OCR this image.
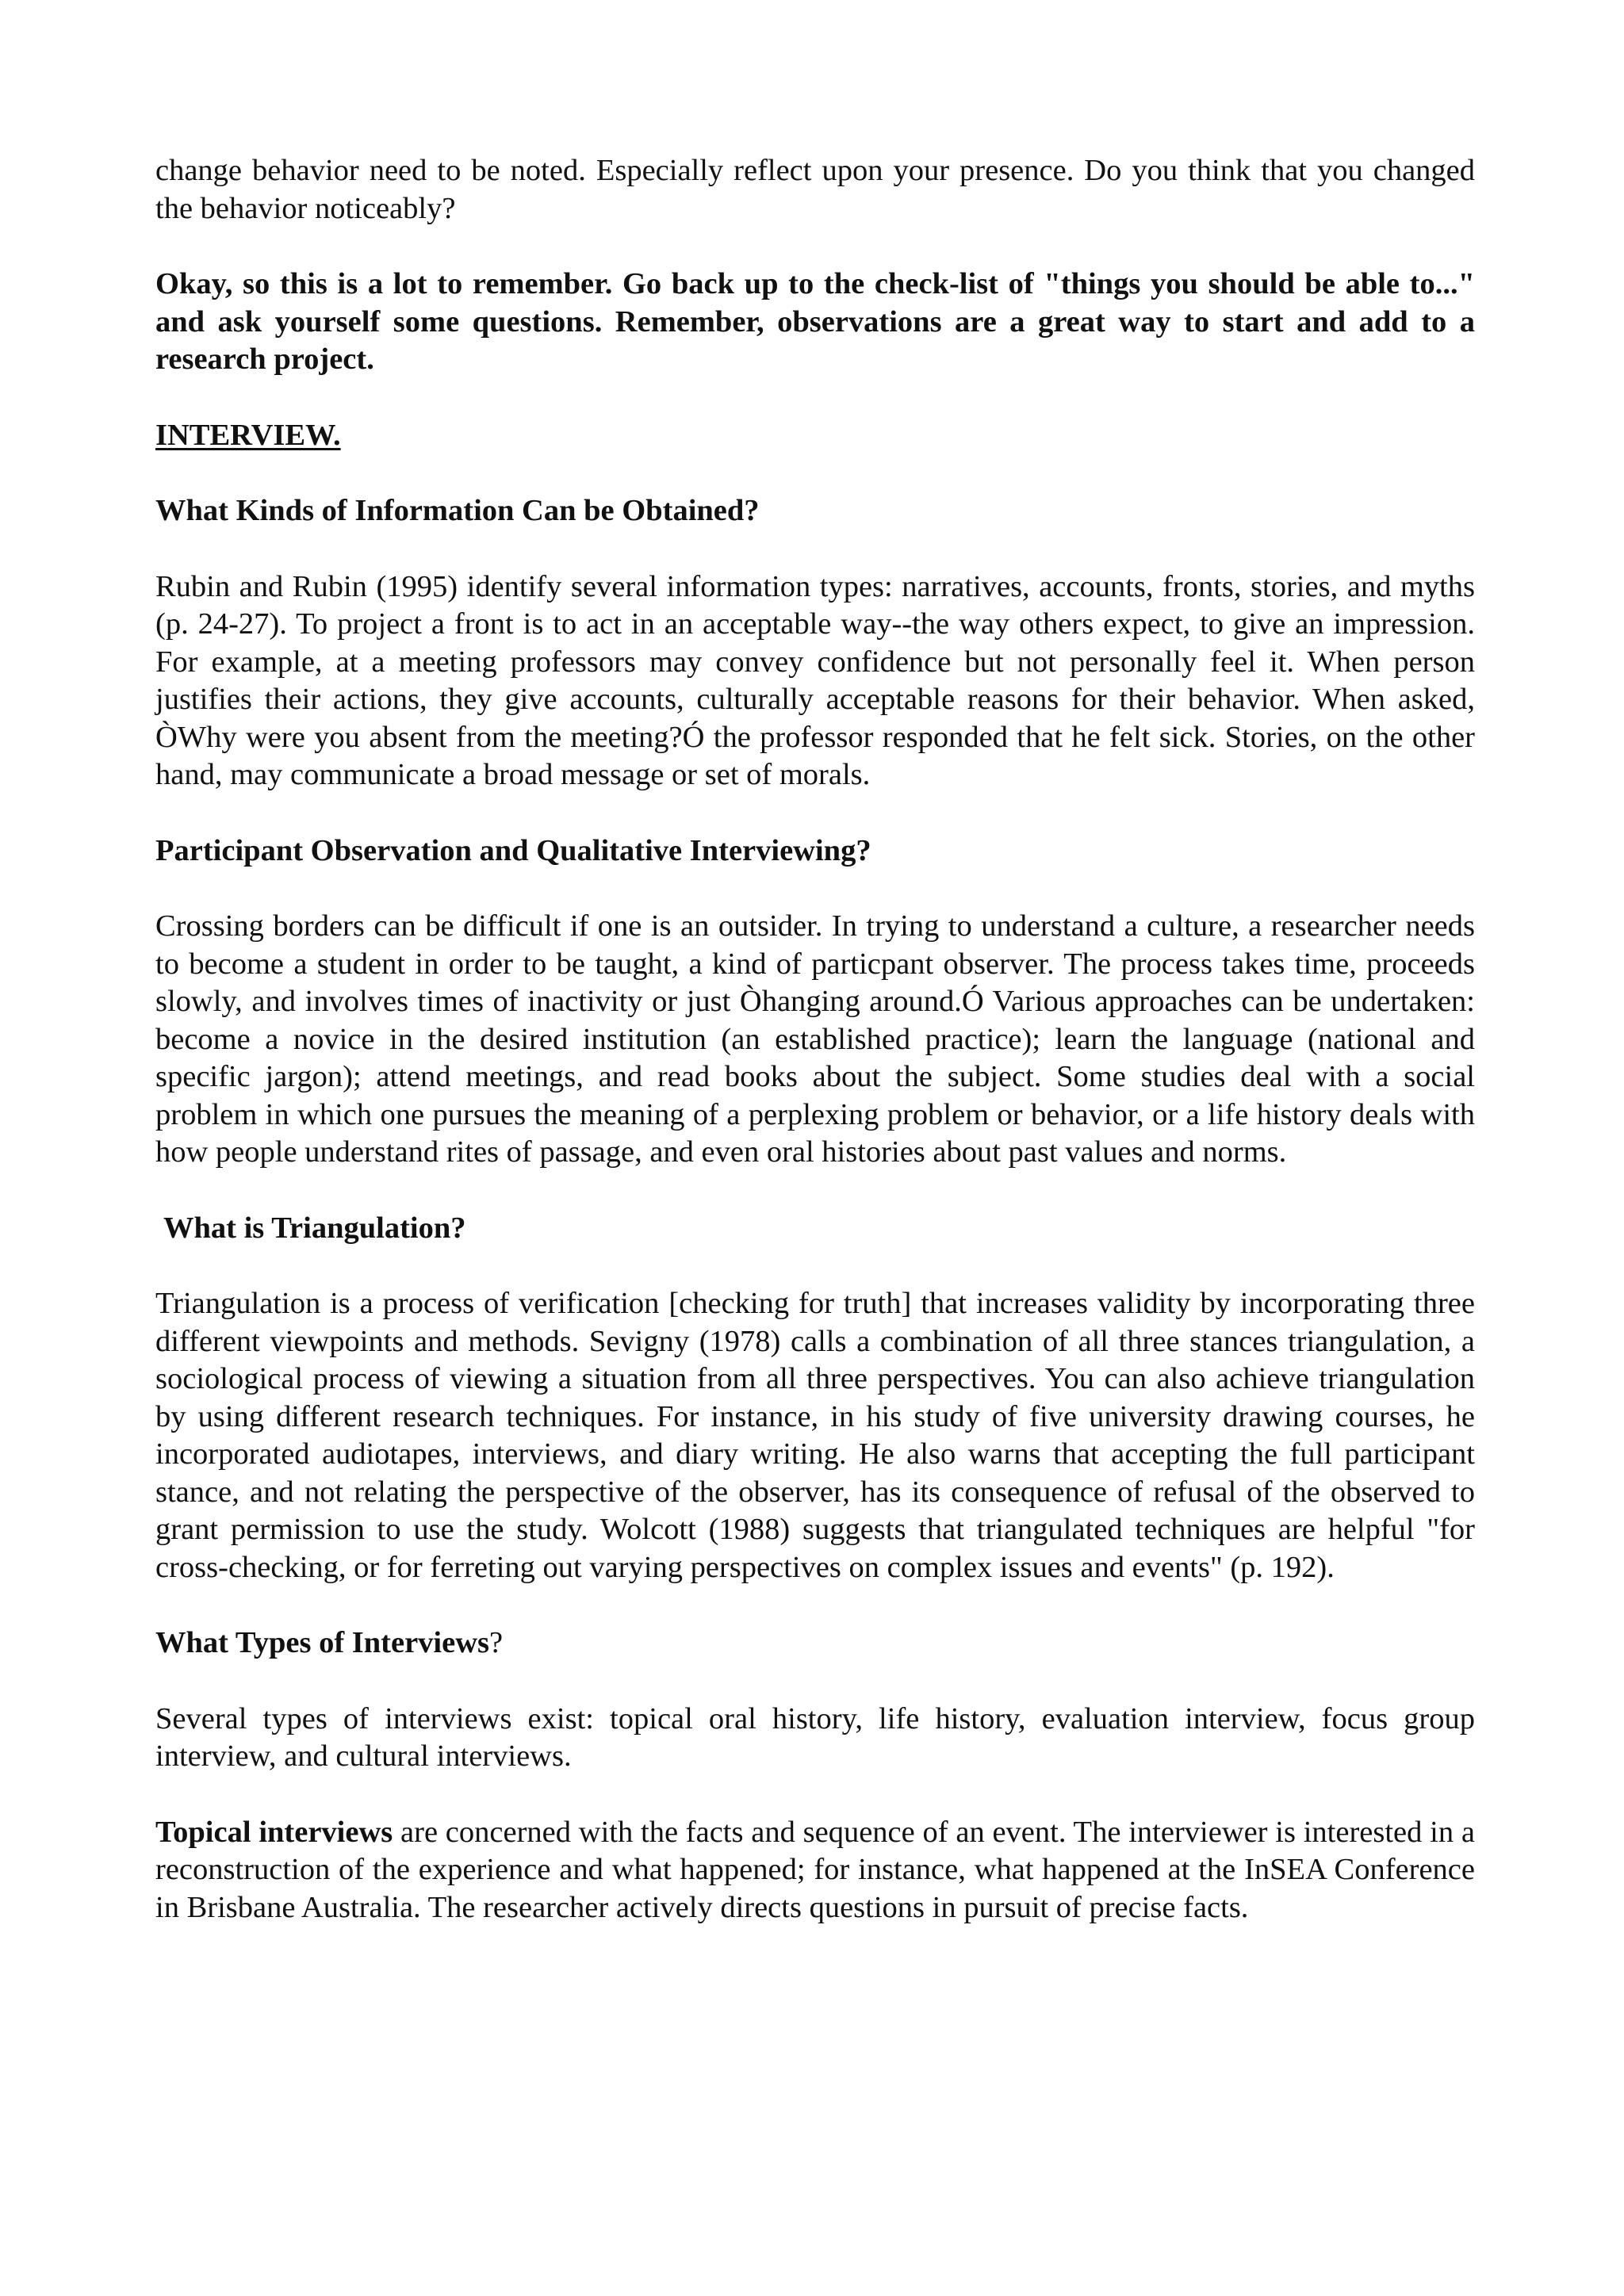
change behavior need to be noted. Especially reflect upon your presence. Do you think that you changed the behavior noticeably?

Okay, so this is a lot to remember. Go back up to the check-list of "things you should be able to..." and ask yourself some questions. Remember, observations are a great way to start and add to a research project.

INTERVIEW.
What Kinds of Information Can be Obtained?

Rubin and Rubin (1995) identify several information types: narratives, accounts, fronts, stories, and myths (p. 24-27). To project a front is to act in an acceptable way--the way others expect, to give an impression. For example, at a meeting professors may convey confidence but not personally feel it. When person justifies their actions, they give accounts, culturally acceptable reasons for their behavior. When asked, ÒWhy were you absent from the meeting?Ó the professor responded that he felt sick. Stories, on the other hand, may communicate a broad message or set of morals.

Participant Observation and Qualitative Interviewing?

Crossing borders can be difficult if one is an outsider. In trying to understand a culture, a researcher needs to become a student in order to be taught, a kind of particpant observer. The process takes time, proceeds slowly, and involves times of inactivity or just Òhanging around.Ó Various approaches can be undertaken: become a novice in the desired institution (an established practice); learn the language (national and specific jargon); attend meetings, and read books about the subject. Some studies deal with a social problem in which one pursues the meaning of a perplexing problem or behavior, or a life history deals with how people understand rites of passage, and even oral histories about past values and norms.

What is Triangulation?

Triangulation is a process of verification [checking for truth] that increases validity by incorporating three different viewpoints and methods. Sevigny (1978) calls a combination of all three stances triangulation, a sociological process of viewing a situation from all three perspectives. You can also achieve triangulation by using different research techniques. For instance, in his study of five university drawing courses, he incorporated audiotapes, interviews, and diary writing. He also warns that accepting the full participant stance, and not relating the perspective of the observer, has its consequence of refusal of the observed to grant permission to use the study. Wolcott (1988) suggests that triangulated techniques are helpful "for cross-checking, or for ferreting out varying perspectives on complex issues and events" (p. 192).

What Types of Interviews?

Several types of interviews exist: topical oral history, life history, evaluation interview, focus group interview, and cultural interviews.

Topical interviews are concerned with the facts and sequence of an event. The interviewer is interested in a reconstruction of the experience and what happened; for instance, what happened at the InSEA Conference in Brisbane Australia. The researcher actively directs questions in pursuit of precise facts.
